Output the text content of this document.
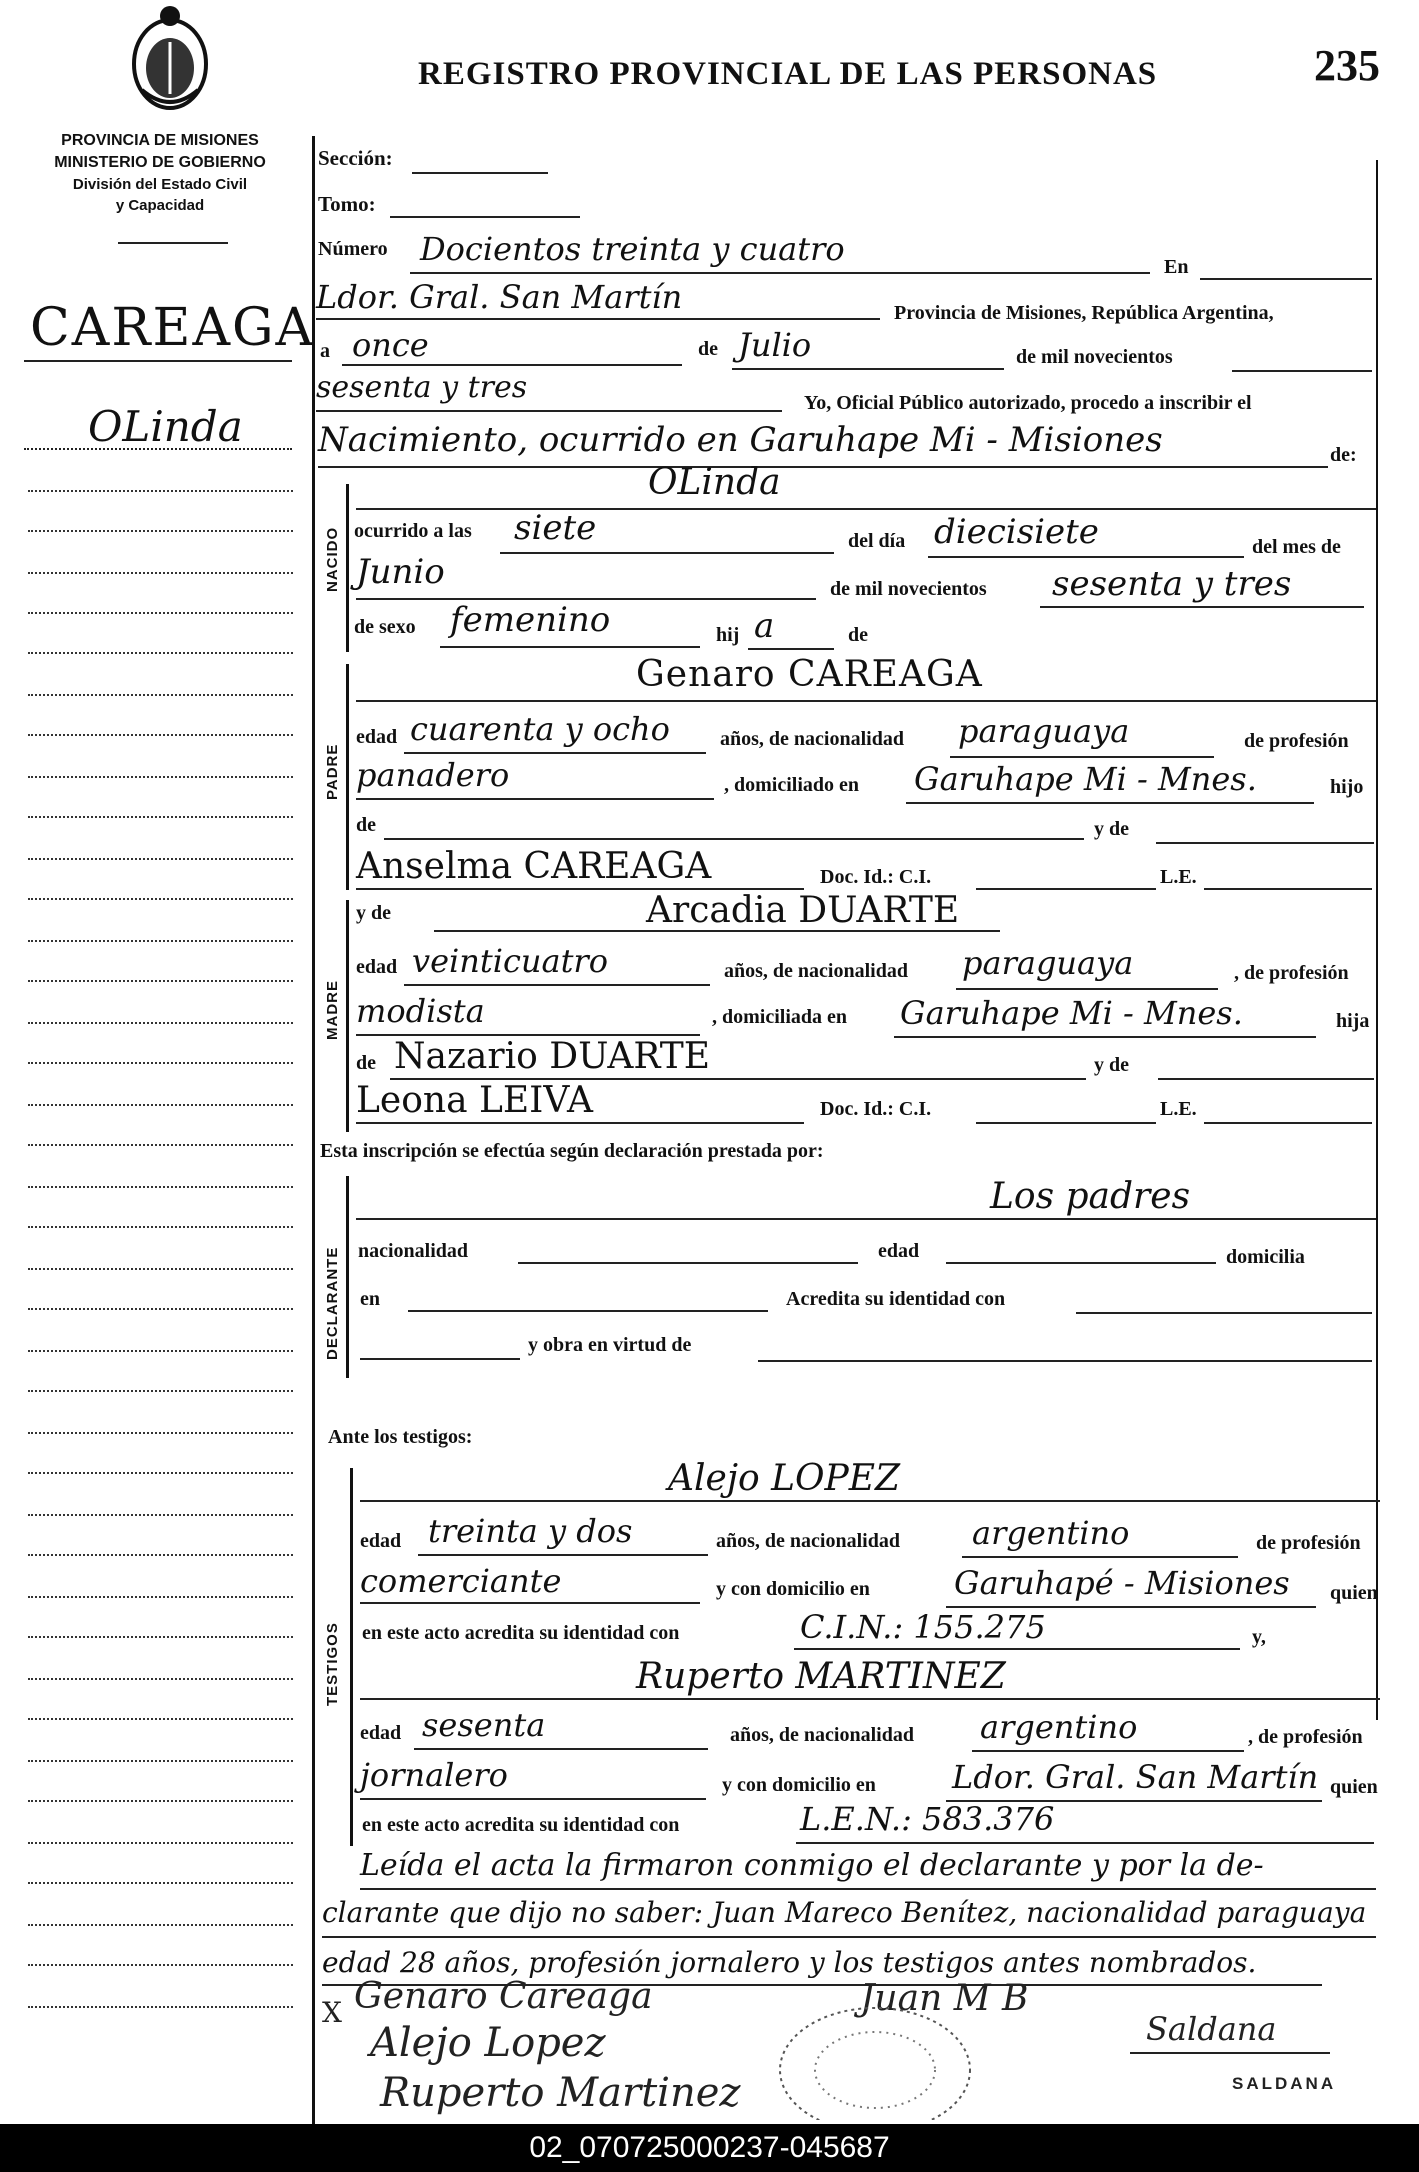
REGISTRO PROVINCIAL DE LAS PERSONAS	235
PROVINCIA DE MISIONES
MINISTERIO DE GOBIERNO
División del Estado Civil
y Capacidad
CAREAGA
OLinda
Sección:
Tomo:
Número Docientos treinta y cuatro	En
Ldor. Gral. San Martín	Provincia de Misiones, República Argentina,
a once	de Julio	de mil novecientos
sesenta y tres	Yo, Oficial Público autorizado, procedo a inscribir el
Nacimiento, ocurrido en Garuhape Mi - Misiones	de:
NACIDO
OLinda
ocurrido a las siete	del día diecisiete	del mes de
Junio	de mil novecientos sesenta y tres
de sexo femenino	hij a	de
PADRE
Genaro CAREAGA
edad cuarenta y ocho	años, de nacionalidad paraguaya	de profesión
panadero	, domiciliado en Garuhape Mi - Mnes.	hijo
de	y de
Anselma CAREAGA	Doc. Id.: C.I.	L.E.
MADRE
y de	Arcadia DUARTE
edad veinticuatro	años, de nacionalidad paraguaya	, de profesión
modista	, domiciliada en Garuhape Mi - Mnes.	hija
de Nazario DUARTE	y de
Leona LEIVA	Doc. Id.: C.I.	L.E.
Esta inscripción se efectúa según declaración prestada por:
DECLARANTE
Los padres
nacionalidad	edad	domicilia
en	Acredita su identidad con
y obra en virtud de
Ante los testigos:
TESTIGOS
Alejo LOPEZ
edad treinta y dos	años, de nacionalidad argentino	de profesión
comerciante	y con domicilio en	Garuhapé - Misiones quien
en este acto acredita su identidad con	C.I.N.: 155.275	y,
Ruperto MARTINEZ
edad sesenta	años, de nacionalidad argentino	, de profesión
jornalero	y con domicilio en Ldor. Gral. San Martín quien
en este acto acredita su identidad con	L.E.N.: 583.376
Leída el acta la firmaron conmigo el declarante y por la de-
clarante que dijo no saber: Juan Mareco Benítez, nacionalidad paraguaya
edad 28 años, profesión jornalero y los testigos antes nombrados.
X Genaro Careaga	Juan M B
Alejo Lopez
Ruperto Martinez
Saldana
SALDANA
02_070725000237-045687
